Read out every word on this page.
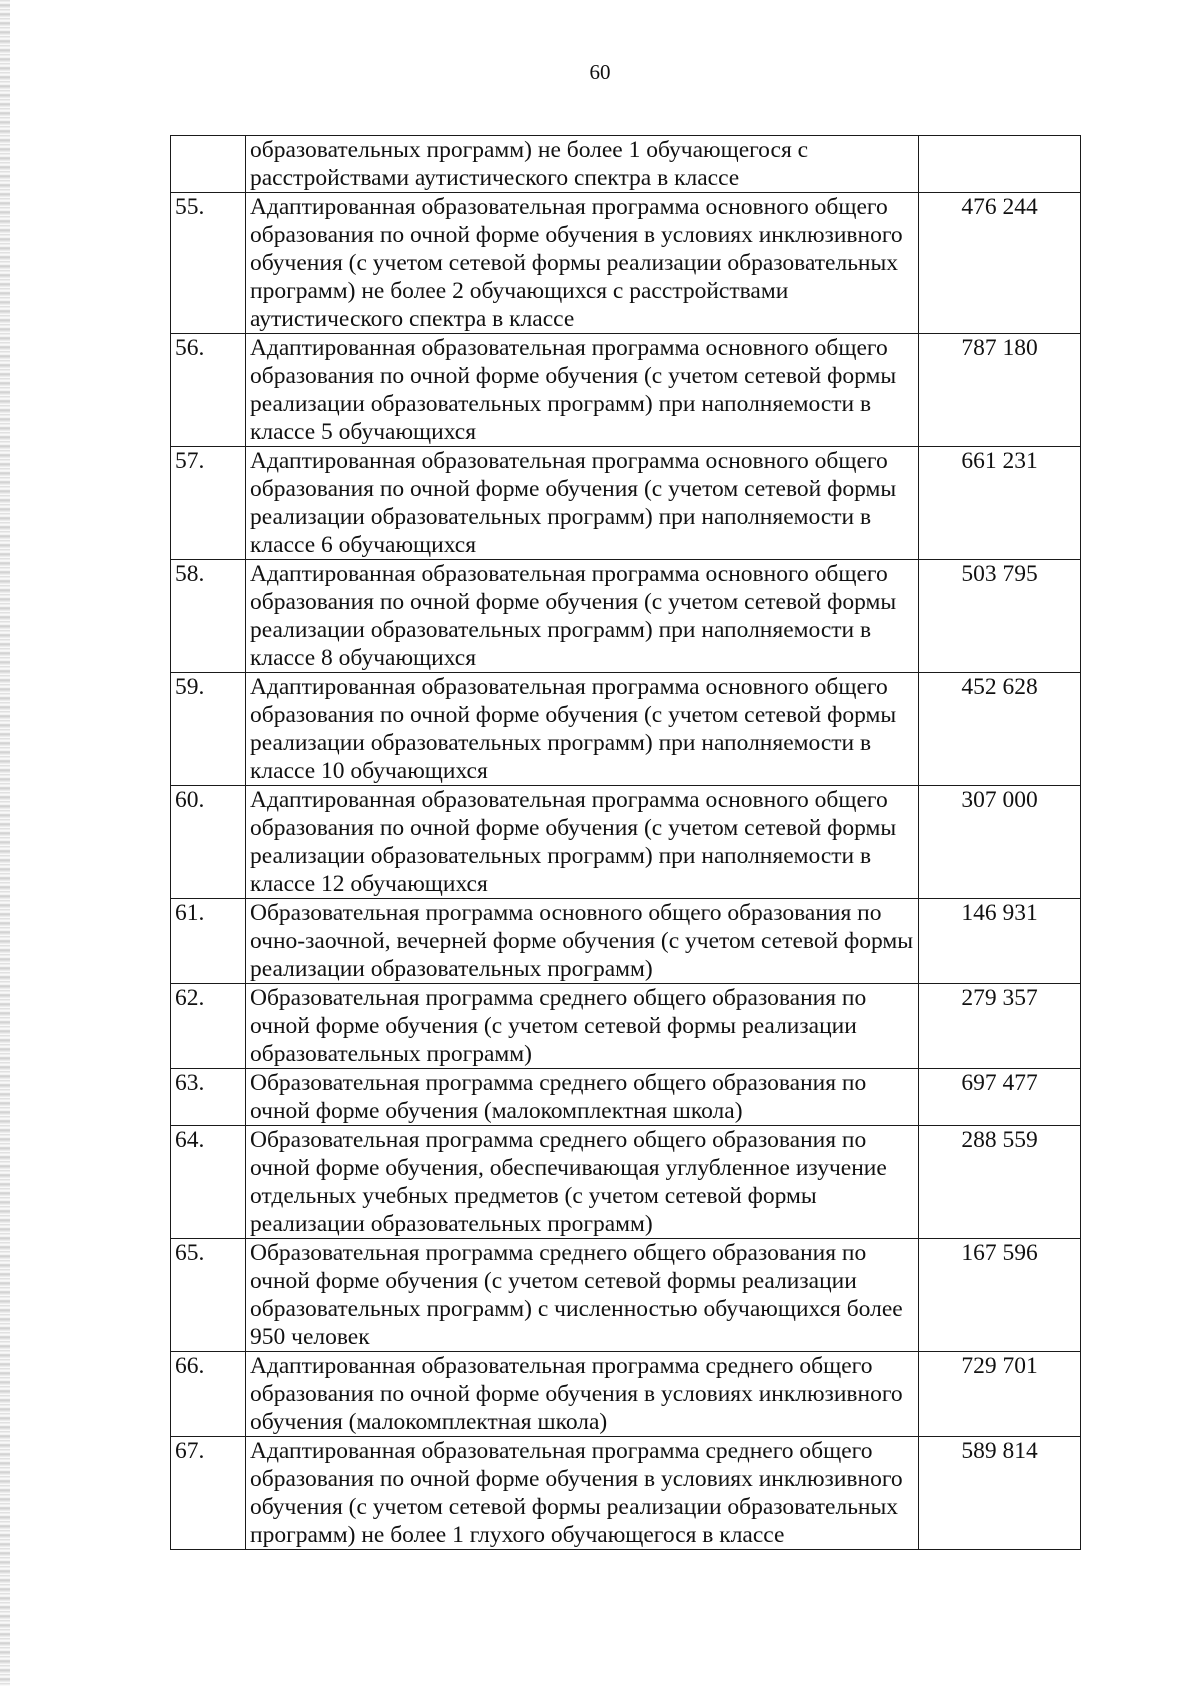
60
	образовательных программ) не более 1 обучающегося с расстройствами аутистического спектра в классе	
55.	Адаптированная образовательная программа основного общего образования по очной форме обучения в условиях инклюзивного обучения (с учетом сетевой формы реализации образовательных программ) не более 2 обучающихся с расстройствами аутистического спектра в классе	476 244
56.	Адаптированная образовательная программа основного общего образования по очной форме обучения (с учетом сетевой формы реализации образовательных программ) при наполняемости в классе 5 обучающихся	787 180
57.	Адаптированная образовательная программа основного общего образования по очной форме обучения (с учетом сетевой формы реализации образовательных программ) при наполняемости в классе 6 обучающихся	661 231
58.	Адаптированная образовательная программа основного общего образования по очной форме обучения (с учетом сетевой формы реализации образовательных программ) при наполняемости в классе 8 обучающихся	503 795
59.	Адаптированная образовательная программа основного общего образования по очной форме обучения (с учетом сетевой формы реализации образовательных программ) при наполняемости в классе 10 обучающихся	452 628
60.	Адаптированная образовательная программа основного общего образования по очной форме обучения (с учетом сетевой формы реализации образовательных программ) при наполняемости в классе 12 обучающихся	307 000
61.	Образовательная программа основного общего образования по очно-заочной, вечерней форме обучения (с учетом сетевой формы реализации образовательных программ)	146 931
62.	Образовательная программа среднего общего образования по очной форме обучения (с учетом сетевой формы реализации образовательных программ)	279 357
63.	Образовательная программа среднего общего образования по очной форме обучения (малокомплектная школа)	697 477
64.	Образовательная программа среднего общего образования по очной форме обучения, обеспечивающая углубленное изучение отдельных учебных предметов (с учетом сетевой формы реализации образовательных программ)	288 559
65.	Образовательная программа среднего общего образования по очной форме обучения (с учетом сетевой формы реализации образовательных программ) с численностью обучающихся более 950 человек	167 596
66.	Адаптированная образовательная программа среднего общего образования по очной форме обучения в условиях инклюзивного обучения (малокомплектная школа)	729 701
67.	Адаптированная образовательная программа среднего общего образования по очной форме обучения в условиях инклюзивного обучения (с учетом сетевой формы реализации образовательных программ) не более 1 глухого обучающегося в классе	589 814
